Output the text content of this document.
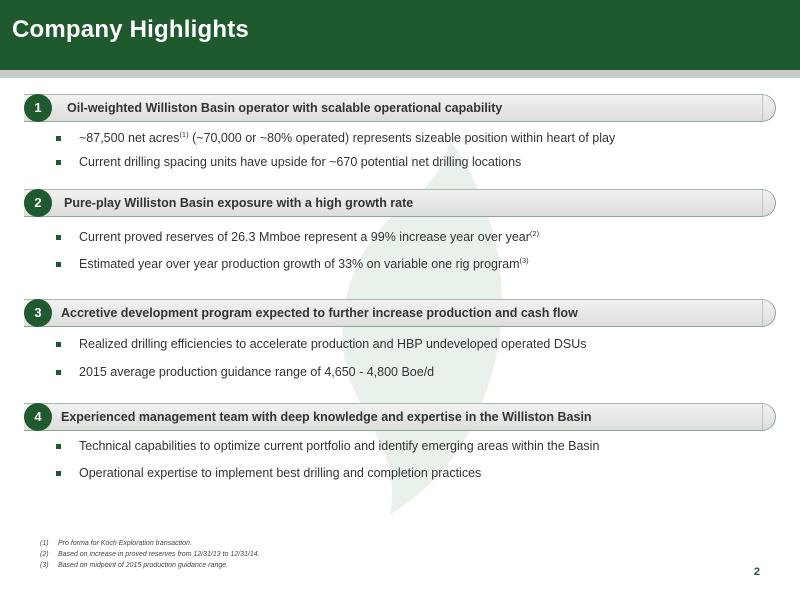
Company Highlights
1	Oil-weighted Williston Basin operator with scalable operational capability
~87,500 net acres$^{(1)}$ (~70,000 or ~80% operated) represents sizeable position within heart of play
Current drilling spacing units have upside for ~670 potential net drilling locations
2	Pure-play Williston Basin exposure with a high growth rate
Current proved reserves of 26.3 Mmboe represent a 99% increase year over year$^{(2)}$
Estimated year over year production growth of 33% on variable one rig program$^{(3)}$
3	Accretive development program expected to further increase production and cash flow
Realized drilling efficiencies to accelerate production and HBP undeveloped operated DSUs
2015 average production guidance range of 4,650 - 4,800 Boe/d
4	Experienced management team with deep knowledge and expertise in the Williston Basin
Technical capabilities to optimize current portfolio and identify emerging areas within the Basin
Operational expertise to implement best drilling and completion practices
(1) Pro forma for Koch Exploration transaction.
(2) Based on increase in proved reserves from 12/31/13 to 12/31/14.
(3) Based on midpoint of 2015 production guidance range.
2
